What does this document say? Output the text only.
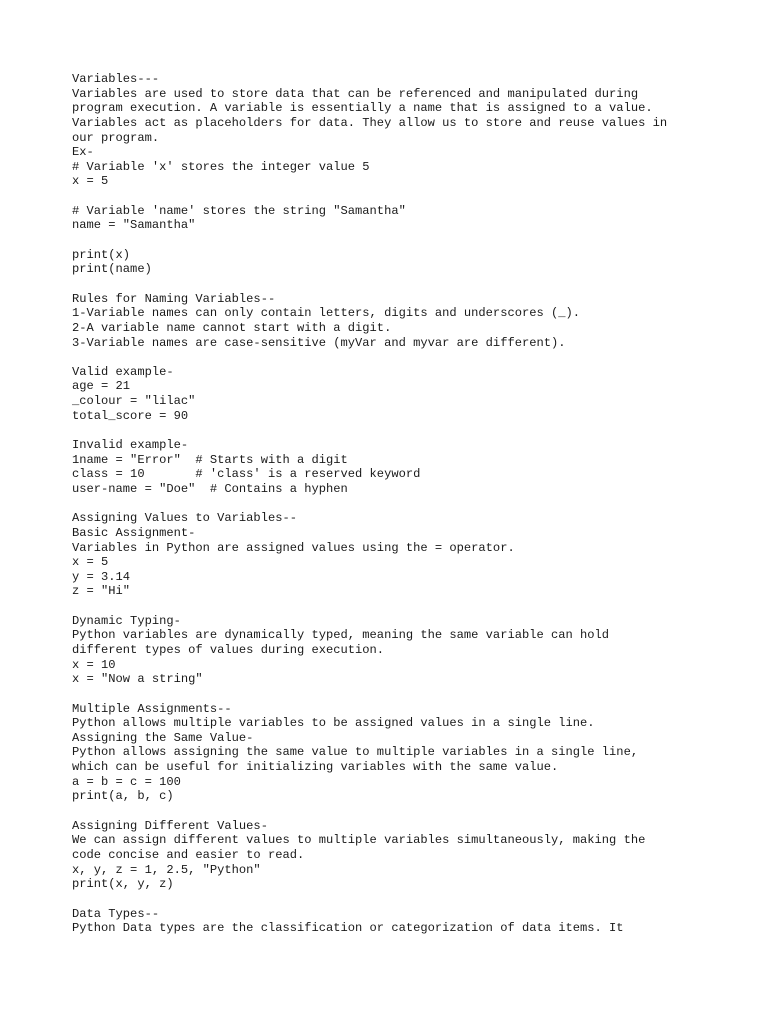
Variables---
Variables are used to store data that can be referenced and manipulated during
program execution. A variable is essentially a name that is assigned to a value.
Variables act as placeholders for data. They allow us to store and reuse values in
our program.
Ex-
# Variable 'x' stores the integer value 5
x = 5
# Variable 'name' stores the string "Samantha"
name = "Samantha"
print(x)
print(name)
Rules for Naming Variables--
1-Variable names can only contain letters, digits and underscores (_).
2-A variable name cannot start with a digit.
3-Variable names are case-sensitive (myVar and myvar are different).
Valid example-
age = 21
_colour = "lilac"
total_score = 90
Invalid example-
1name = "Error"  # Starts with a digit
class = 10       # 'class' is a reserved keyword
user-name = "Doe"  # Contains a hyphen
Assigning Values to Variables--
Basic Assignment-
Variables in Python are assigned values using the = operator.
x = 5
y = 3.14
z = "Hi"
Dynamic Typing-
Python variables are dynamically typed, meaning the same variable can hold
different types of values during execution.
x = 10
x = "Now a string"
Multiple Assignments--
Python allows multiple variables to be assigned values in a single line.
Assigning the Same Value-
Python allows assigning the same value to multiple variables in a single line,
which can be useful for initializing variables with the same value.
a = b = c = 100
print(a, b, c)
Assigning Different Values-
We can assign different values to multiple variables simultaneously, making the
code concise and easier to read.
x, y, z = 1, 2.5, "Python"
print(x, y, z)
Data Types--
Python Data types are the classification or categorization of data items. It
